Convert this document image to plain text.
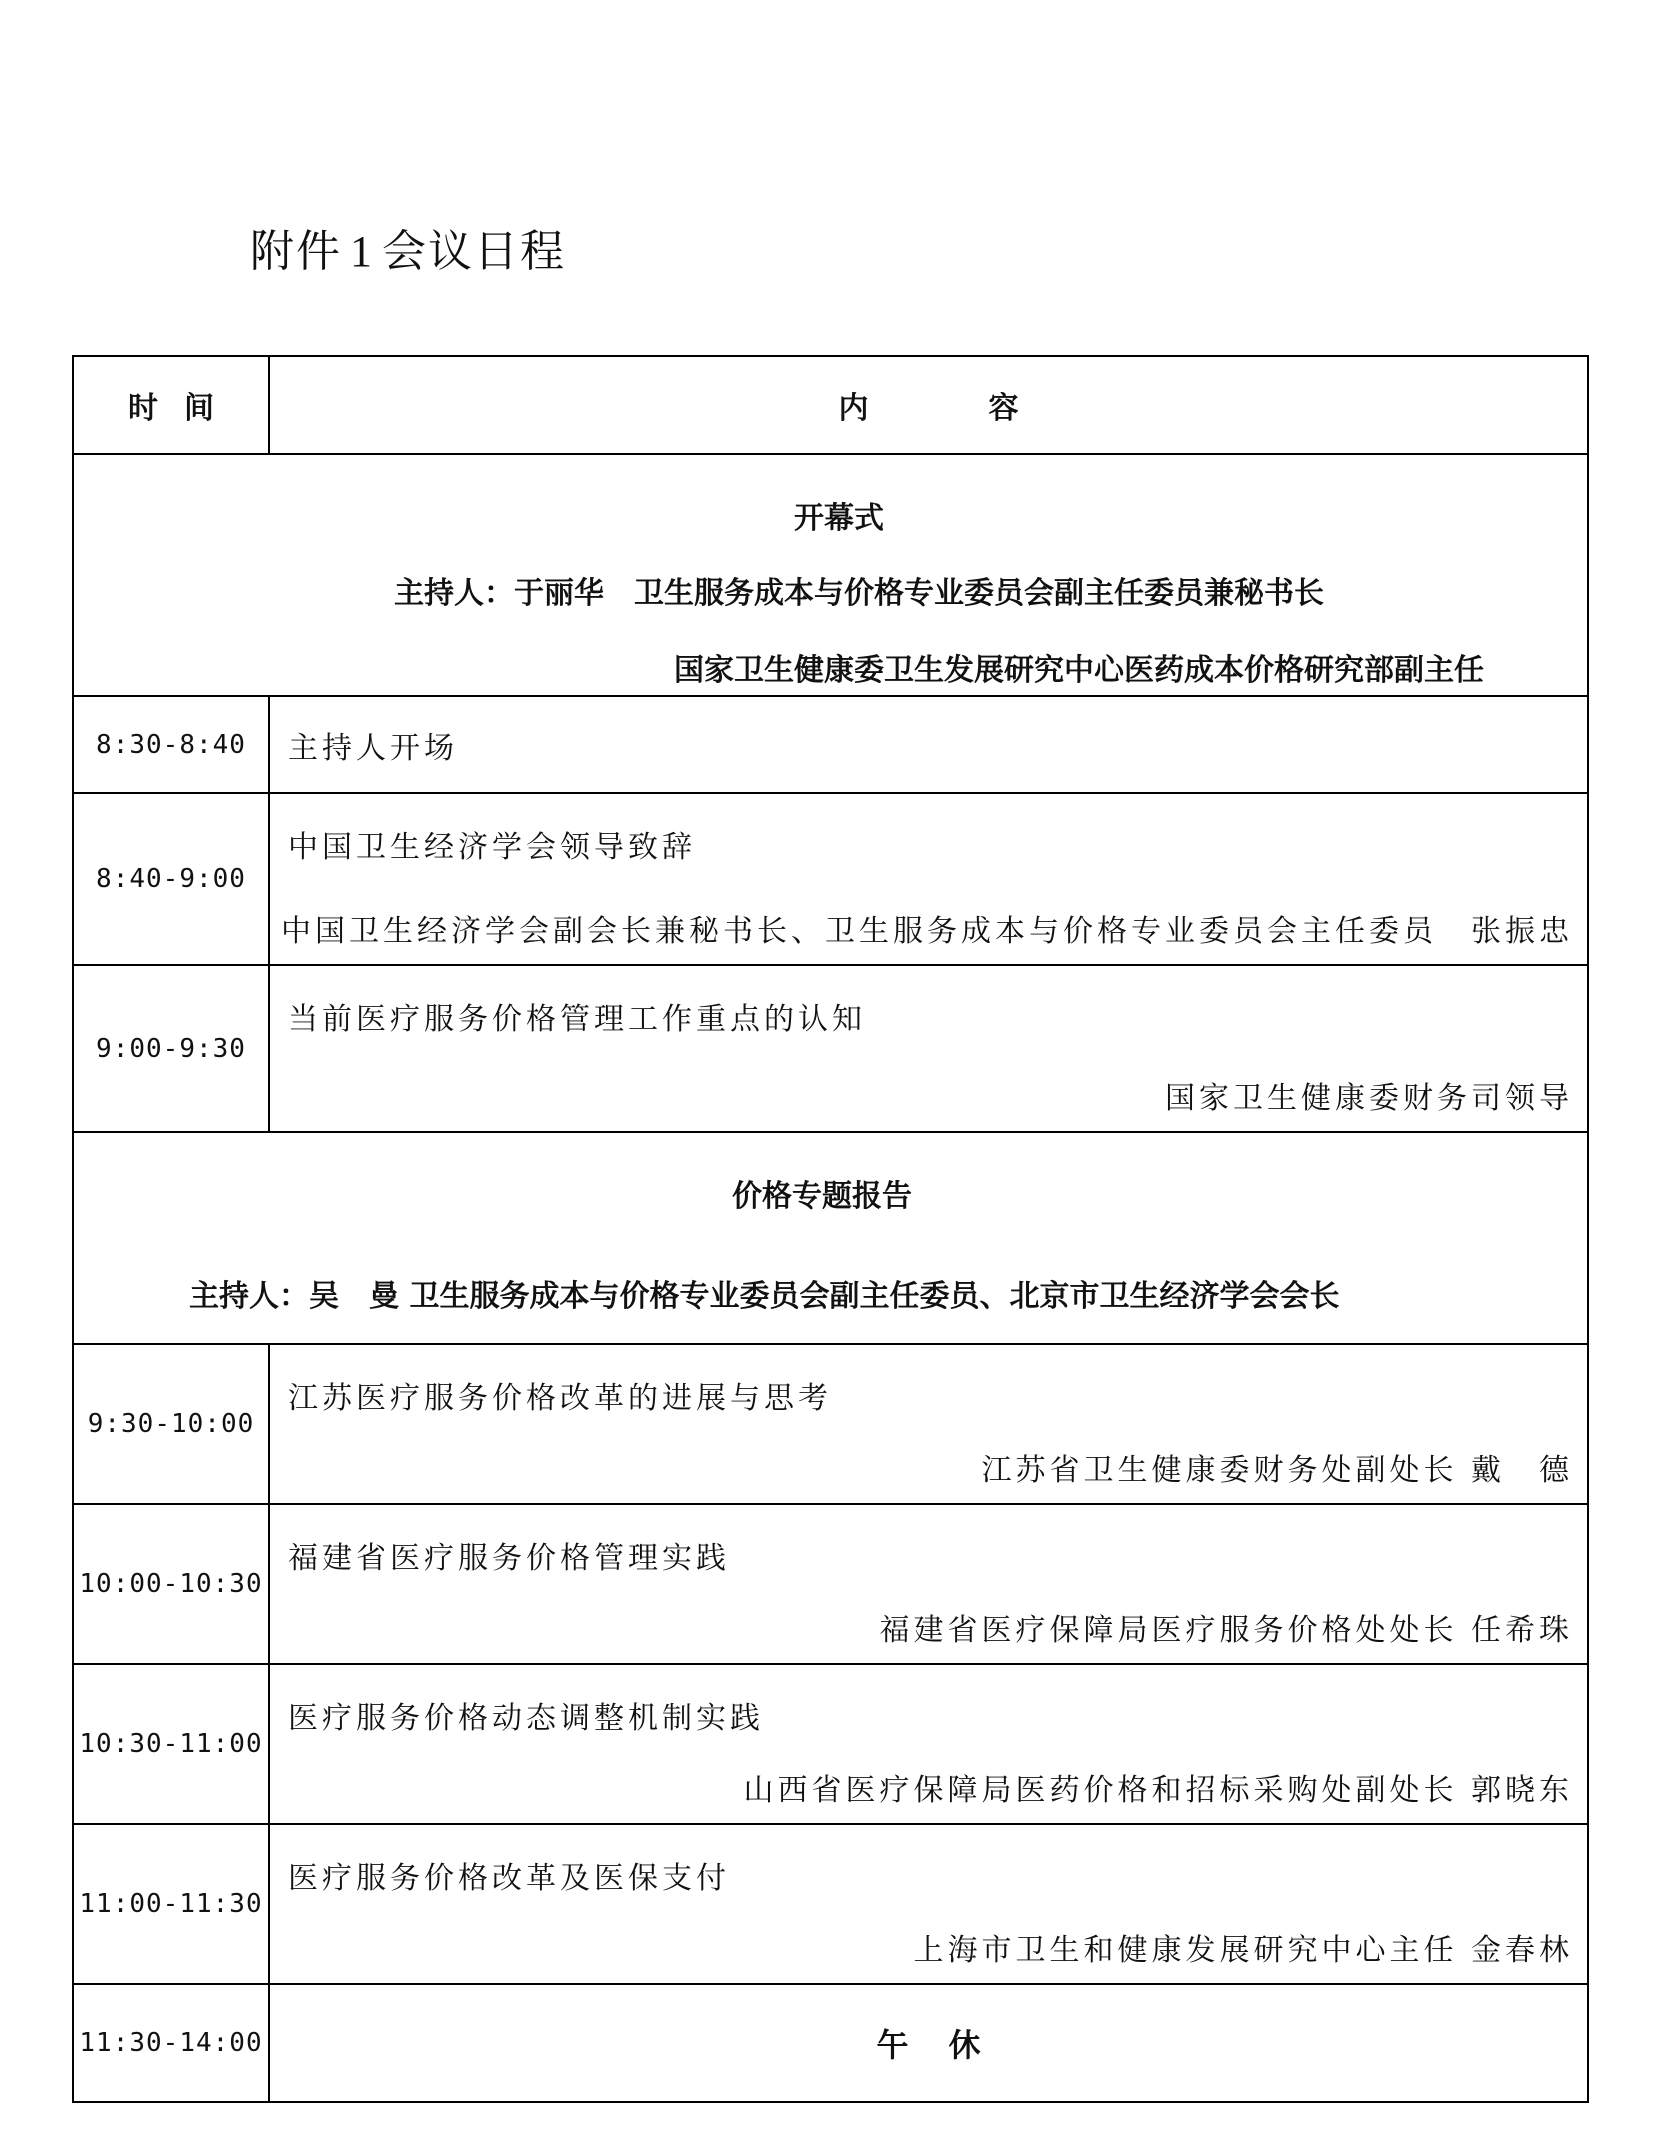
附件 1 会议日程
时间	内容

开幕式
主持人：于丽华　卫生服务成本与价格专业委员会副主任委员兼秘书长
国家卫生健康委卫生发展研究中心医药成本价格研究部副主任	

8:30-8:40	主持人开场

8:40-9:00	中国卫生经济学会领导致辞
中国卫生经济学会副会长兼秘书长、卫生服务成本与价格专业委员会主任委员　张振忠

9:00-9:30	当前医疗服务价格管理工作重点的认知
国家卫生健康委财务司领导

价格专题报告
主持人：吴　曼 卫生服务成本与价格专业委员会副主任委员、北京市卫生经济学会会长	

9:30-10:00	江苏医疗服务价格改革的进展与思考
江苏省卫生健康委财务处副处长 戴　德

10:00-10:30	福建省医疗服务价格管理实践
福建省医疗保障局医疗服务价格处处长 任希珠

10:30-11:00	医疗服务价格动态调整机制实践
山西省医疗保障局医药价格和招标采购处副处长 郭晓东

11:00-11:30	医疗服务价格改革及医保支付
上海市卫生和健康发展研究中心主任 金春林

11:30-14:00	午休
